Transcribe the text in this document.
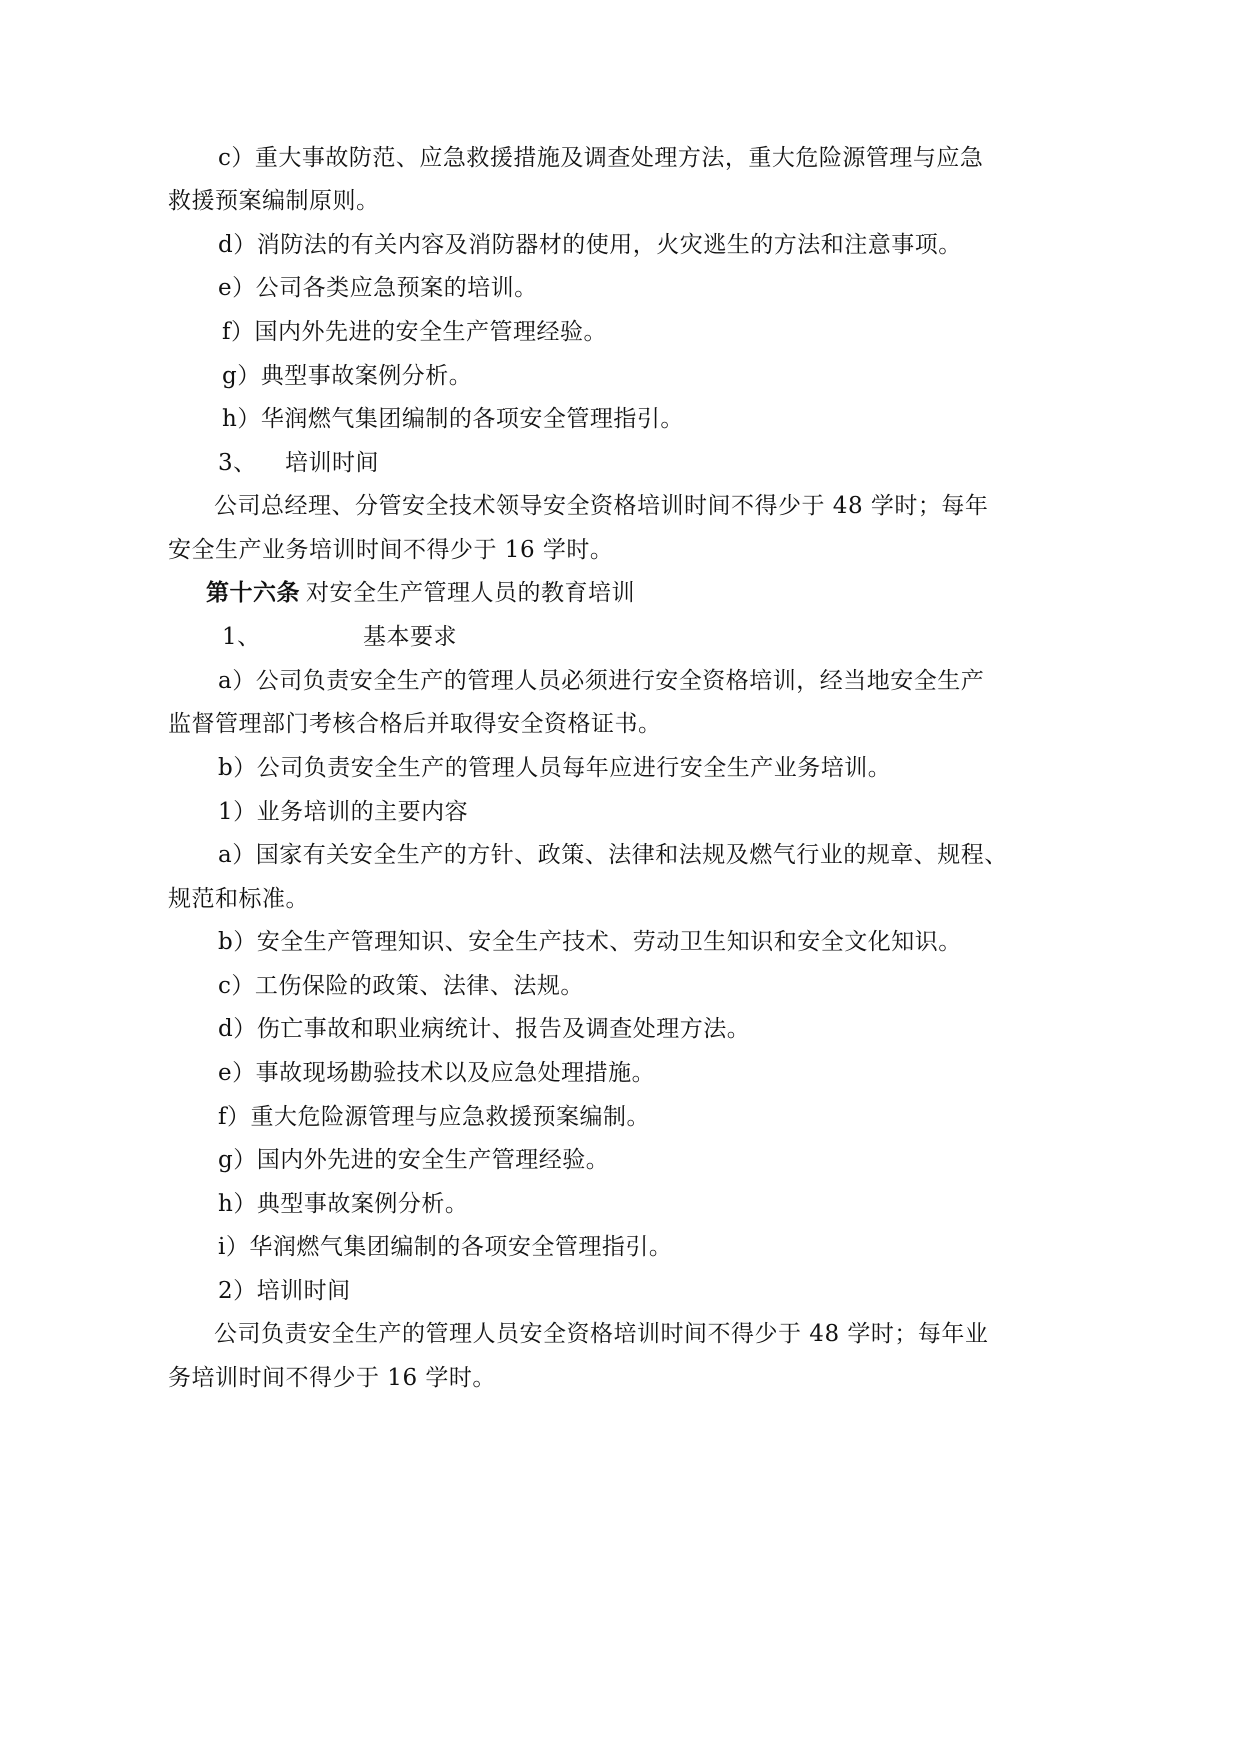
c）重大事故防范、应急救援措施及调查处理方法，重大危险源管理与应急
救援预案编制原则。
d）消防法的有关内容及消防器材的使用，火灾逃生的方法和注意事项。
e）公司各类应急预案的培训。
f）国内外先进的安全生产管理经验。
g）典型事故案例分析。
h）华润燃气集团编制的各项安全管理指引。
3、 培训时间
公司总经理、分管安全技术领导安全资格培训时间不得少于 48 学时；每年
安全生产业务培训时间不得少于 16 学时。
第十六条 对安全生产管理人员的教育培训
1、	基本要求
a）公司负责安全生产的管理人员必须进行安全资格培训，经当地安全生产
监督管理部门考核合格后并取得安全资格证书。
b）公司负责安全生产的管理人员每年应进行安全生产业务培训。
1）业务培训的主要内容
a）国家有关安全生产的方针、政策、法律和法规及燃气行业的规章、规程、
规范和标准。
b）安全生产管理知识、安全生产技术、劳动卫生知识和安全文化知识。
c）工伤保险的政策、法律、法规。
d）伤亡事故和职业病统计、报告及调查处理方法。
e）事故现场勘验技术以及应急处理措施。
f）重大危险源管理与应急救援预案编制。
g）国内外先进的安全生产管理经验。
h）典型事故案例分析。
i）华润燃气集团编制的各项安全管理指引。
2）培训时间
公司负责安全生产的管理人员安全资格培训时间不得少于 48 学时；每年业
务培训时间不得少于 16 学时。
